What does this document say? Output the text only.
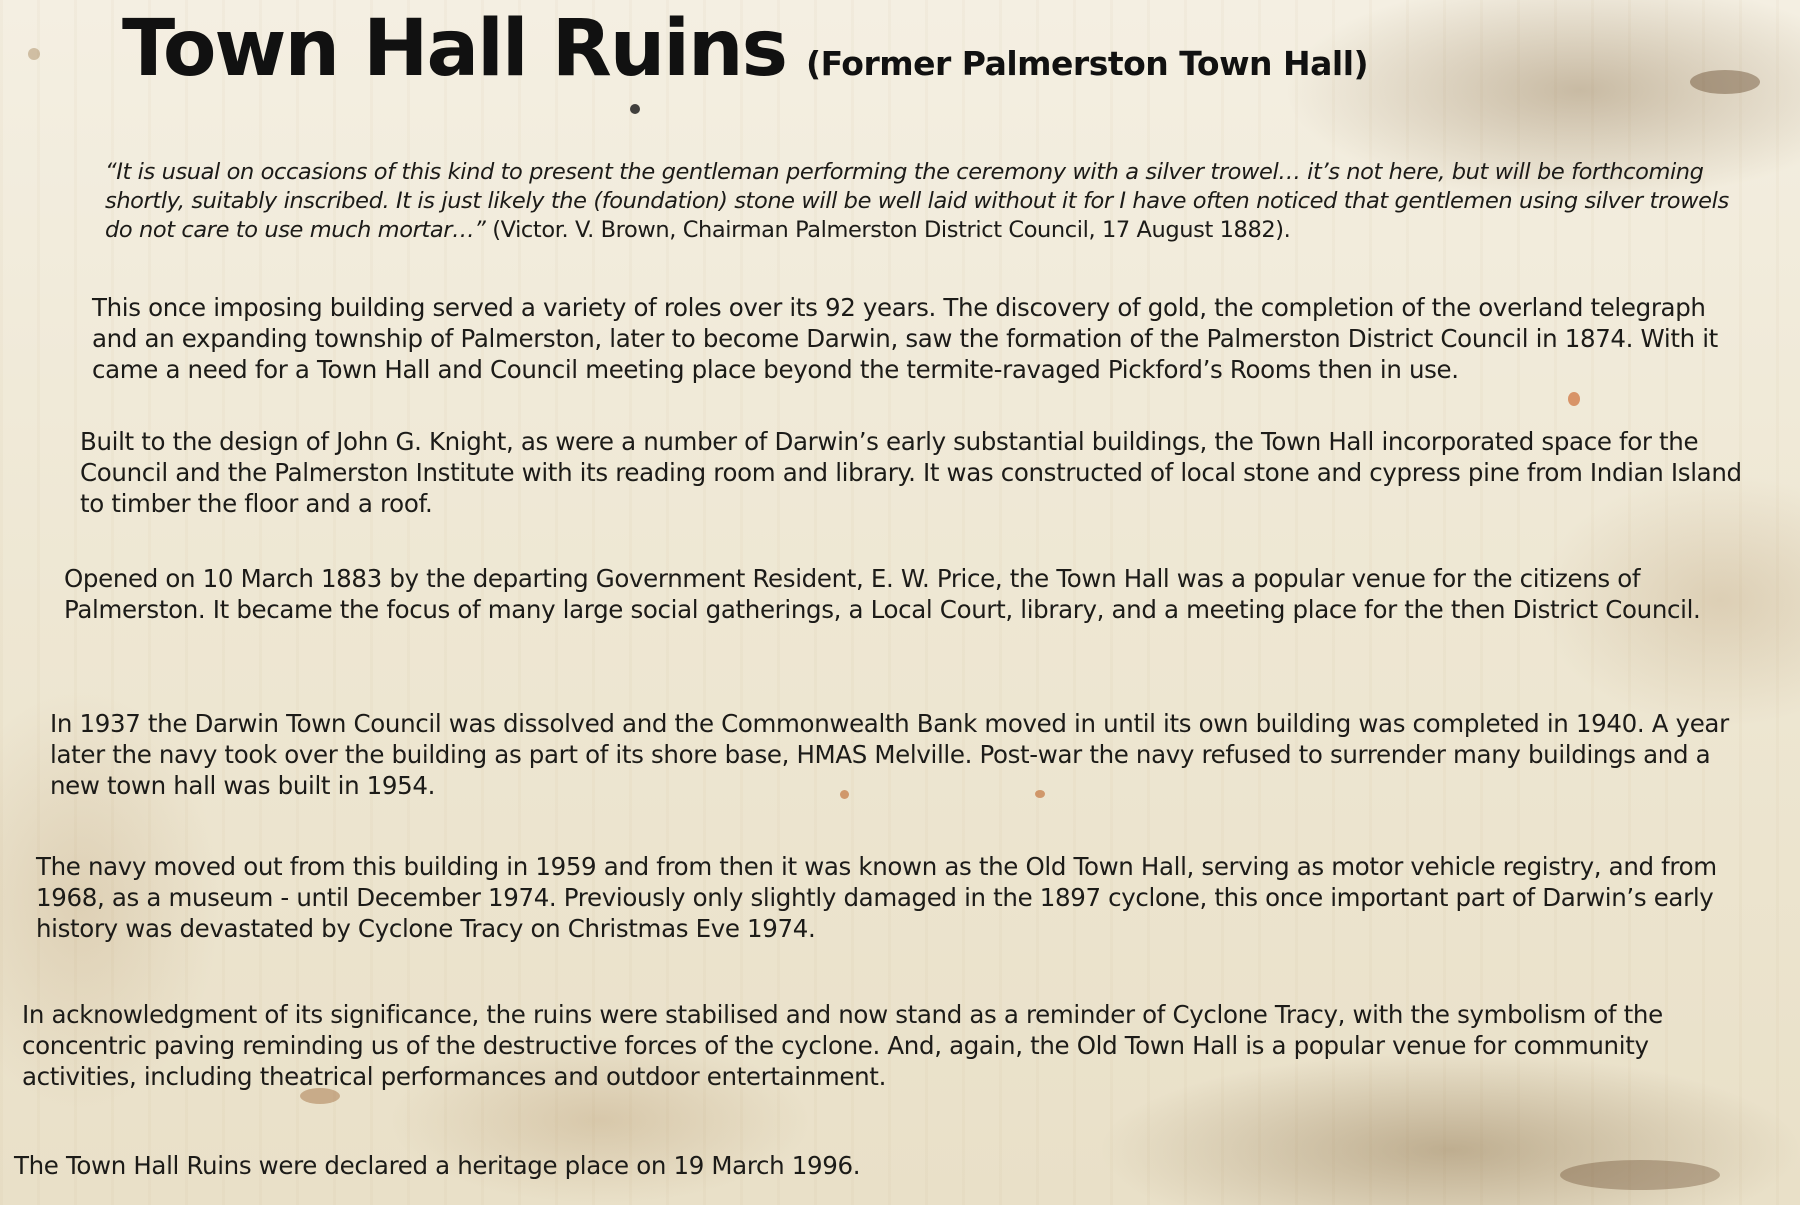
Town Hall Ruins (Former Palmerston Town Hall)
“It is usual on occasions of this kind to present the gentleman performing the ceremony with a silver trowel… it’s not here, but will be forthcoming shortly, suitably inscribed. It is just likely the (foundation) stone will be well laid without it for I have often noticed that gentlemen using silver trowels do not care to use much mortar…” (Victor. V. Brown, Chairman Palmerston District Council, 17 August 1882).
This once imposing building served a variety of roles over its 92 years. The discovery of gold, the completion of the overland telegraph and an expanding township of Palmerston, later to become Darwin, saw the formation of the Palmerston District Council in 1874. With it came a need for a Town Hall and Council meeting place beyond the termite-ravaged Pickford’s Rooms then in use.
Built to the design of John G. Knight, as were a number of Darwin’s early substantial buildings, the Town Hall incorporated space for the Council and the Palmerston Institute with its reading room and library. It was constructed of local stone and cypress pine from Indian Island to timber the floor and a roof.
Opened on 10 March 1883 by the departing Government Resident, E. W. Price, the Town Hall was a popular venue for the citizens of Palmerston. It became the focus of many large social gatherings, a Local Court, library, and a meeting place for the then District Council.
In 1937 the Darwin Town Council was dissolved and the Commonwealth Bank moved in until its own building was completed in 1940. A year later the navy took over the building as part of its shore base, HMAS Melville. Post-war the navy refused to surrender many buildings and a new town hall was built in 1954.
The navy moved out from this building in 1959 and from then it was known as the Old Town Hall, serving as motor vehicle registry, and from 1968, as a museum - until December 1974. Previously only slightly damaged in the 1897 cyclone, this once important part of Darwin’s early history was devastated by Cyclone Tracy on Christmas Eve 1974.
In acknowledgment of its significance, the ruins were stabilised and now stand as a reminder of Cyclone Tracy, with the symbolism of the concentric paving reminding us of the destructive forces of the cyclone. And, again, the Old Town Hall is a popular venue for community activities, including theatrical performances and outdoor entertainment.
The Town Hall Ruins were declared a heritage place on 19 March 1996.
